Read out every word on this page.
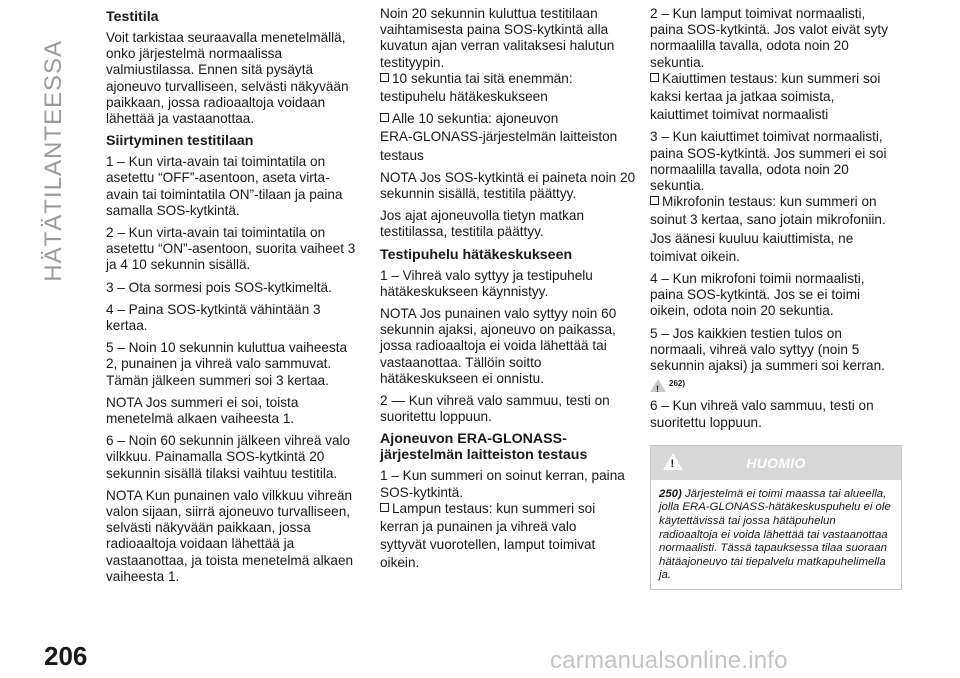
HÄTÄTILANTEESSA
Testitila

Voit tarkistaa seuraavalla menetelmällä, onko järjestelmä normaalissa valmiustilassa. Ennen sitä pysäytä ajoneuvo turvalliseen, selvästi näkyvään paikkaan, jossa radioaaltoja voidaan lähettää ja vastaanottaa.

Siirtyminen testitilaan

1 – Kun virta-avain tai toimintatila on asetettu “OFF”-asentoon, aseta virta-avain tai toimintatila ON”-tilaan ja paina samalla SOS-kytkintä.

2 – Kun virta-avain tai toimintatila on asetettu “ON”-asentoon, suorita vaiheet 3 ja 4 10 sekunnin sisällä.

3 – Ota sormesi pois SOS-kytkimeltä.

4 – Paina SOS-kytkintä vähintään 3 kertaa.

5 – Noin 10 sekunnin kuluttua vaiheesta 2, punainen ja vihreä valo sammuvat. Tämän jälkeen summeri soi 3 kertaa.

NOTA Jos summeri ei soi, toista menetelmä alkaen vaiheesta 1.

6 – Noin 60 sekunnin jälkeen vihreä valo vilkkuu. Painamalla SOS-kytkintä 20 sekunnin sisällä tilaksi vaihtuu testitila.

NOTA Kun punainen valo vilkkuu vihreän valon sijaan, siirrä ajoneuvo turvalliseen, selvästi näkyvään paikkaan, jossa radioaaltoja voidaan lähettää ja vastaanottaa, ja toista menetelmä alkaen vaiheesta 1.

Noin 20 sekunnin kuluttua testitilaan vaihtamisesta paina SOS-kytkintä alla kuvatun ajan verran valitaksesi halutun testityypin.

10 sekuntia tai sitä enemmän:

testipuhelu hätäkeskukseen

Alle 10 sekuntia: ajoneuvon

ERA-GLONASS-järjestelmän laitteiston

testaus

NOTA Jos SOS-kytkintä ei paineta noin 20 sekunnin sisällä, testitila päättyy.

Jos ajat ajoneuvolla tietyn matkan testitilassa, testitila päättyy.

Testipuhelu hätäkeskukseen

1 – Vihreä valo syttyy ja testipuhelu hätäkeskukseen käynnistyy.

NOTA Jos punainen valo syttyy noin 60 sekunnin ajaksi, ajoneuvo on paikassa, jossa radioaaltoja ei voida lähettää tai vastaanottaa. Tällöin soitto hätäkeskukseen ei onnistu.

2 — Kun vihreä valo sammuu, testi on suoritettu loppuun.

Ajoneuvon ERA-GLONASS-järjestelmän laitteiston testaus

1 – Kun summeri on soinut kerran, paina SOS-kytkintä.

Lampun testaus: kun summeri soi

kerran ja punainen ja vihreä valo

syttyvät vuorotellen, lamput toimivat

oikein.

2 – Kun lamput toimivat normaalisti, paina SOS-kytkintä. Jos valot eivät syty normaalilla tavalla, odota noin 20 sekuntia.

Kaiuttimen testaus: kun summeri soi

kaksi kertaa ja jatkaa soimista,

kaiuttimet toimivat normaalisti

3 – Kun kaiuttimet toimivat normaalisti, paina SOS-kytkintä. Jos summeri ei soi normaalilla tavalla, odota noin 20 sekuntia.

Mikrofonin testaus: kun summeri on

soinut 3 kertaa, sano jotain mikrofoniin.

Jos äänesi kuuluu kaiuttimista, ne

toimivat oikein.

4 – Kun mikrofoni toimii normaalisti, paina SOS-kytkintä. Jos se ei toimi oikein, odota noin 20 sekuntia.

5 – Jos kaikkien testien tulos on normaali, vihreä valo syttyy (noin 5 sekunnin ajaksi) ja summeri soi kerran.

!
262)

6 – Kun vihreä valo sammuu, testi on suoritettu loppuun.

!	HUOMIO
250) Järjestelmä ei toimi maassa tai alueella, jolla ERA-GLONASS-hätäkeskuspuhelu ei ole käytettävissä tai jossa hätäpuhelun radioaaltoja ei voida lähettää tai vastaanottaa normaalisti. Tässä tapauksessa tilaa suoraan hätäajoneuvo tai tiepalvelu matkapuhelimella ja.
206	carmanualsonline.info
